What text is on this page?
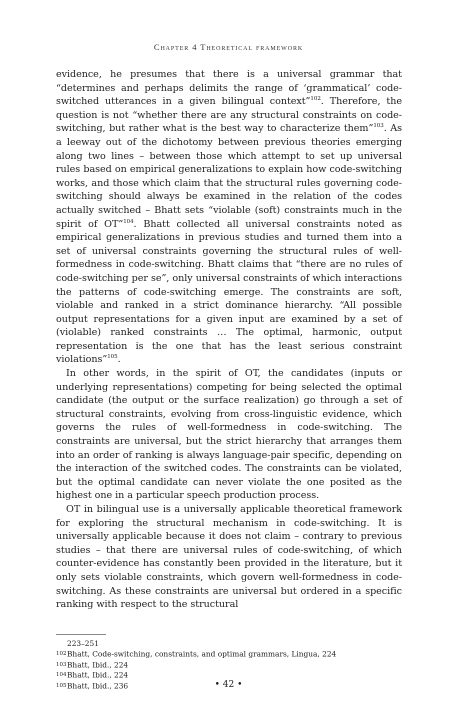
Chapter 4 Theoretical framework

evidence, he presumes that there is a universal grammar that “determines and perhaps delimits the range of ‘grammatical’ code-switched utterances in a given bilingual context”$^{102}$. Therefore, the question is not “whether there are any structural constraints on code-switching, but rather what is the best way to characterize them”$^{103}$. As a leeway out of the dichotomy between previous theories emerging along two lines – between those which attempt to set up universal rules based on empirical generalizations to explain how code-switching works, and those which claim that the structural rules governing code-switching should always be examined in the relation of the codes actually switched – Bhatt sets “violable (soft) constraints much in the spirit of OT”$^{104}$. Bhatt collected all universal constraints noted as empirical generalizations in previous studies and turned them into a set of universal constraints governing the structural rules of well-formedness in code-switching. Bhatt claims that “there are no rules of code-switching per se”, only universal constraints of which interactions the patterns of code-switching emerge. The constraints are soft, violable and ranked in a strict dominance hierarchy. “All possible output representations for a given input are examined by a set of (violable) ranked constraints … The optimal, harmonic, output representation is the one that has the least serious constraint violations”$^{105}$.

In other words, in the spirit of OT, the candidates (inputs or underlying representations) competing for being selected the optimal candidate (the output or the surface realization) go through a set of structural constraints, evolving from cross-linguistic evidence, which governs the rules of well-formedness in code-switching. The constraints are universal, but the strict hierarchy that arranges them into an order of ranking is always language-pair specific, depending on the interaction of the switched codes. The constraints can be violated, but the optimal candidate can never violate the one posited as the highest one in a particular speech production process.

OT in bilingual use is a universally applicable theoretical framework for exploring the structural mechanism in code-switching. It is universally applicable because it does not claim – contrary to previous studies – that there are universal rules of code-switching, of which counter-evidence has constantly been provided in the literature, but it only sets violable constraints, which govern well-formedness in code-switching. As these constraints are universal but ordered in a specific ranking with respect to the structural

223–251
102Bhatt, Code-switching, constraints, and optimal grammars, Lingua, 224
103Bhatt, Ibid., 224
104Bhatt, Ibid., 224
105Bhatt, Ibid., 236	• 42 •
